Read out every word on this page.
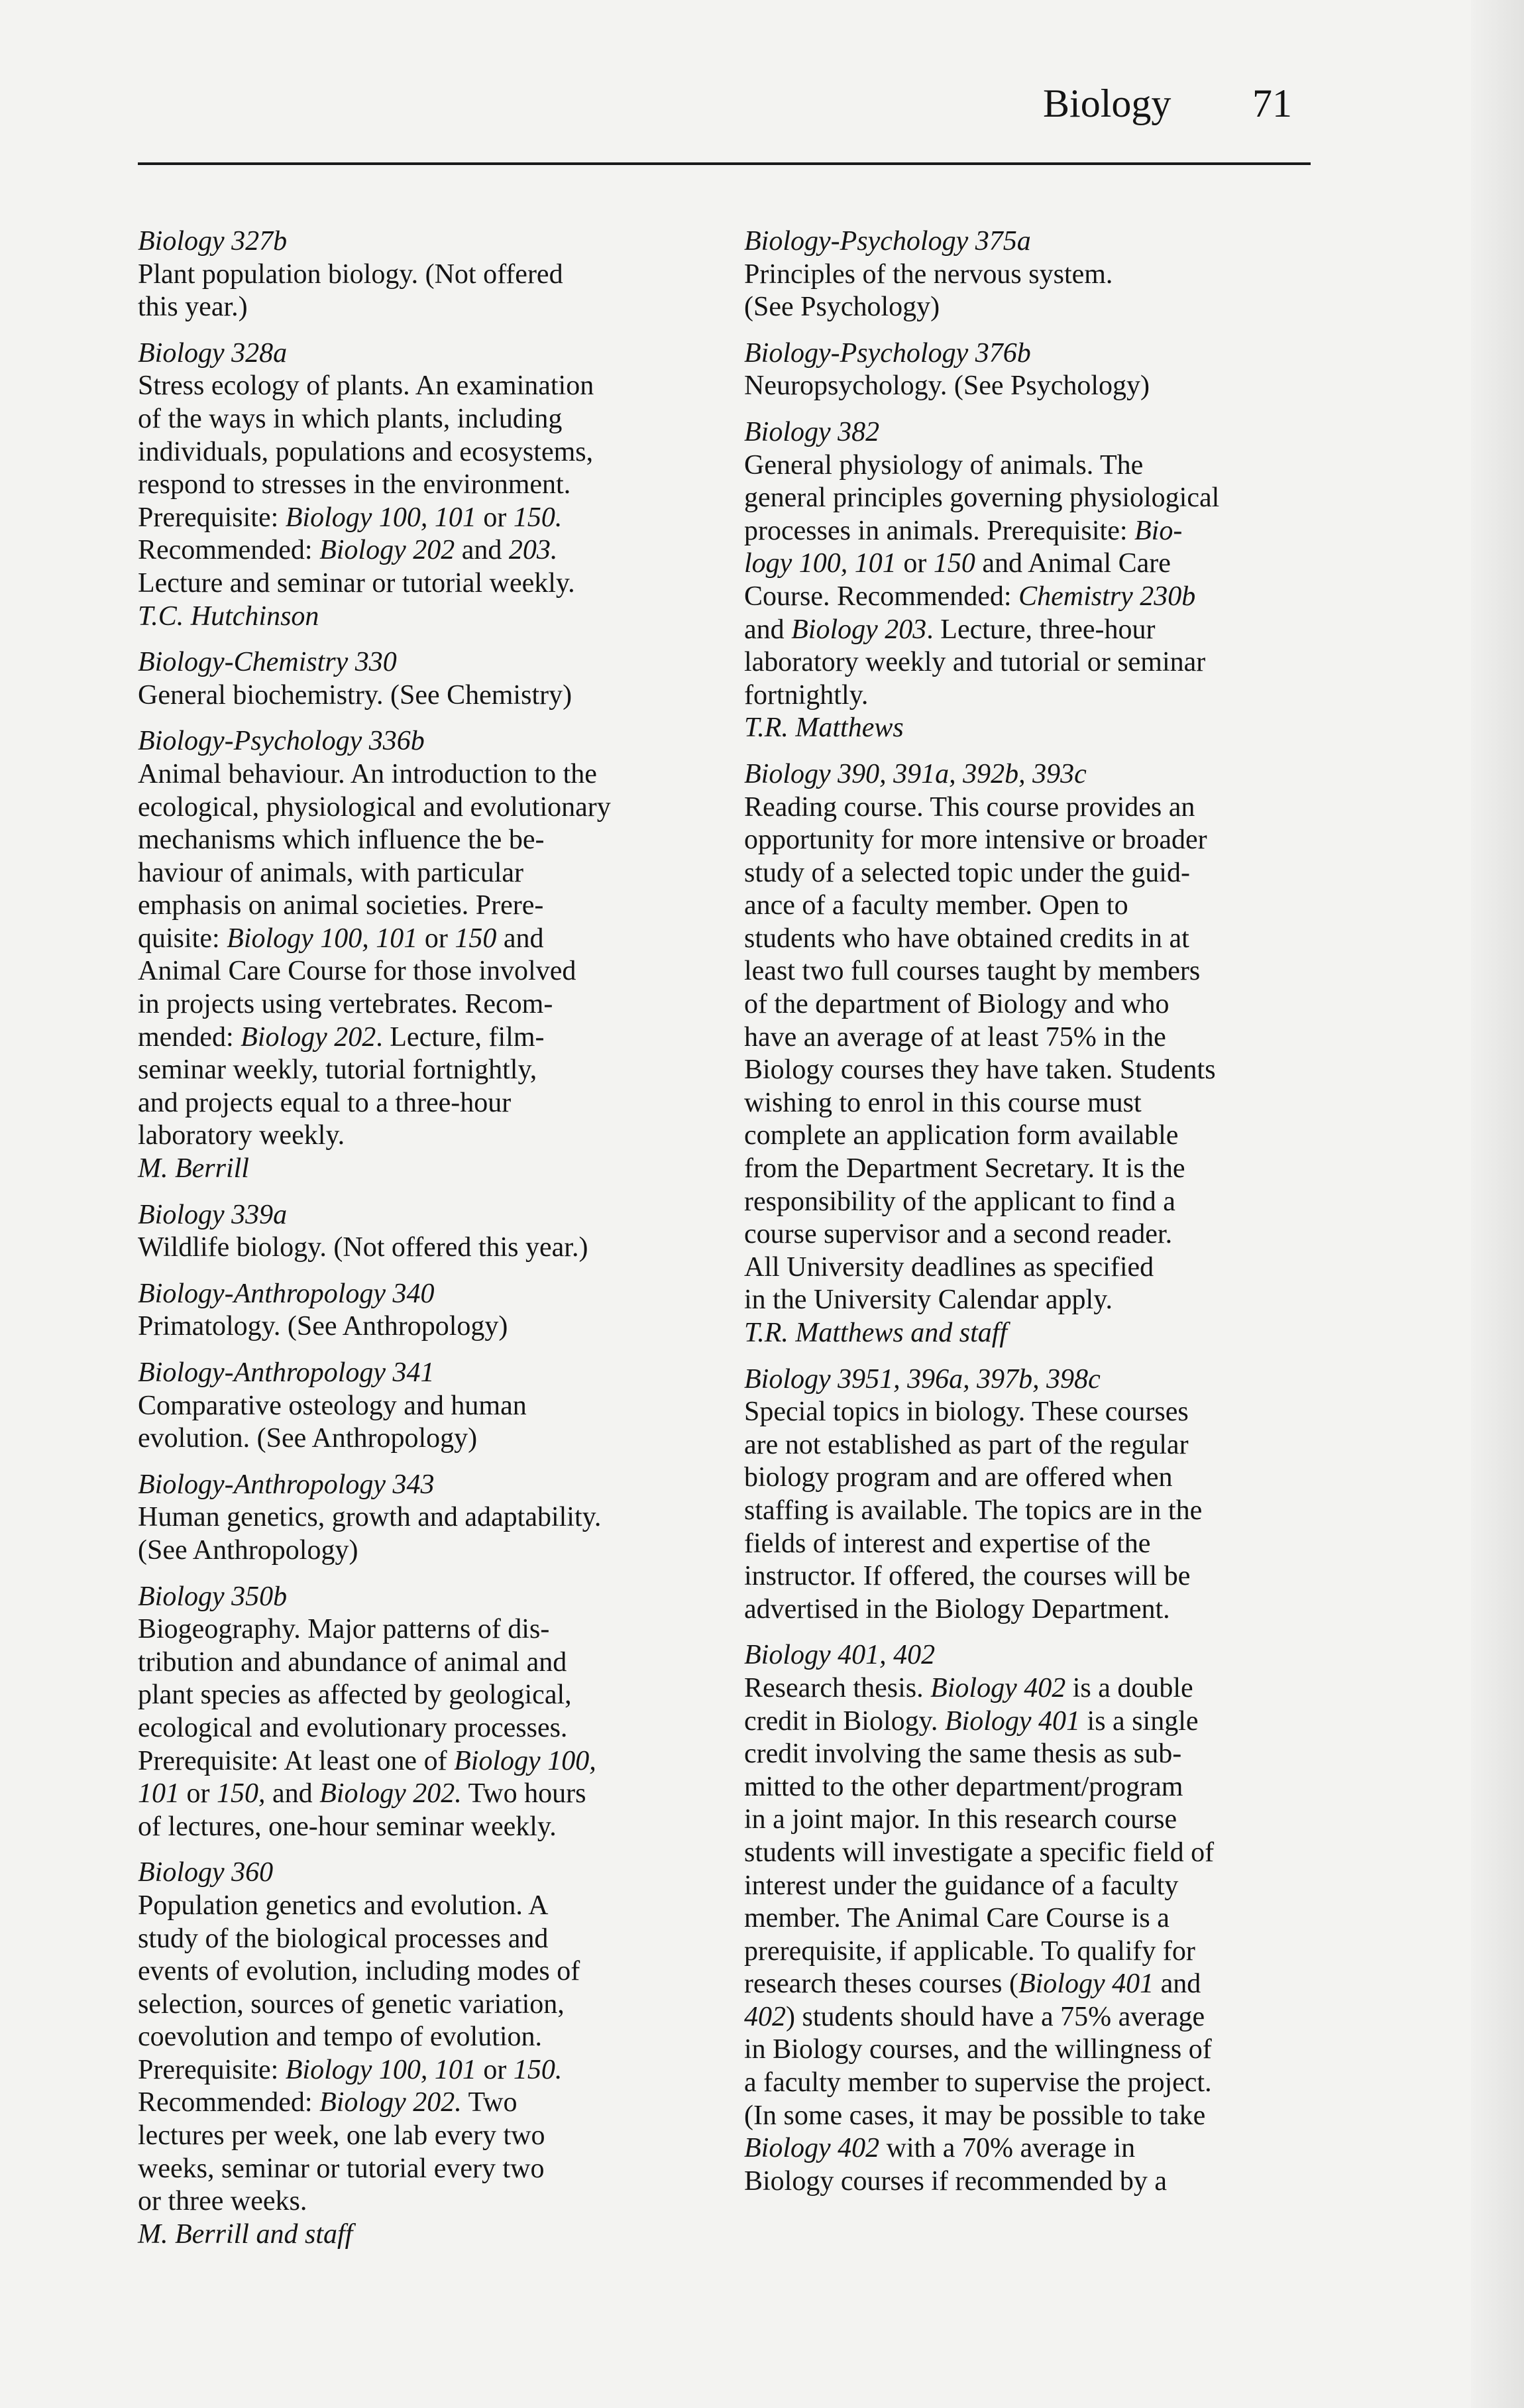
Biology 71
Biology 327b
Plant population biology. (Not offered
this year.)
Biology 328a
Stress ecology of plants. An examination
of the ways in which plants, including
individuals, populations and ecosystems,
respond to stresses in the environment.
Prerequisite: Biology 100, 101 or 150.
Recommended: Biology 202 and 203.
Lecture and seminar or tutorial weekly.
T.C. Hutchinson
Biology-Chemistry 330
General biochemistry. (See Chemistry)
Biology-Psychology 336b
Animal behaviour. An introduction to the
ecological, physiological and evolutionary
mechanisms which influence the be-
haviour of animals, with particular
emphasis on animal societies. Prere-
quisite: Biology 100, 101 or 150 and
Animal Care Course for those involved
in projects using vertebrates. Recom-
mended: Biology 202. Lecture, film-
seminar weekly, tutorial fortnightly,
and projects equal to a three-hour
laboratory weekly.
M. Berrill
Biology 339a
Wildlife biology. (Not offered this year.)
Biology-Anthropology 340
Primatology. (See Anthropology)
Biology-Anthropology 341
Comparative osteology and human
evolution. (See Anthropology)
Biology-Anthropology 343
Human genetics, growth and adaptability.
(See Anthropology)
Biology 350b
Biogeography. Major patterns of dis-
tribution and abundance of animal and
plant species as affected by geological,
ecological and evolutionary processes.
Prerequisite: At least one of Biology 100,
101 or 150, and Biology 202. Two hours
of lectures, one-hour seminar weekly.
Biology 360
Population genetics and evolution. A
study of the biological processes and
events of evolution, including modes of
selection, sources of genetic variation,
coevolution and tempo of evolution.
Prerequisite: Biology 100, 101 or 150.
Recommended: Biology 202. Two
lectures per week, one lab every two
weeks, seminar or tutorial every two
or three weeks.
M. Berrill and staff
Biology-Psychology 375a
Principles of the nervous system.
(See Psychology)
Biology-Psychology 376b
Neuropsychology. (See Psychology)
Biology 382
General physiology of animals. The
general principles governing physiological
processes in animals. Prerequisite: Bio-
logy 100, 101 or 150 and Animal Care
Course. Recommended: Chemistry 230b
and Biology 203. Lecture, three-hour
laboratory weekly and tutorial or seminar
fortnightly.
T.R. Matthews
Biology 390, 391a, 392b, 393c
Reading course. This course provides an
opportunity for more intensive or broader
study of a selected topic under the guid-
ance of a faculty member. Open to
students who have obtained credits in at
least two full courses taught by members
of the department of Biology and who
have an average of at least 75% in the
Biology courses they have taken. Students
wishing to enrol in this course must
complete an application form available
from the Department Secretary. It is the
responsibility of the applicant to find a
course supervisor and a second reader.
All University deadlines as specified
in the University Calendar apply.
T.R. Matthews and staff
Biology 3951, 396a, 397b, 398c
Special topics in biology. These courses
are not established as part of the regular
biology program and are offered when
staffing is available. The topics are in the
fields of interest and expertise of the
instructor. If offered, the courses will be
advertised in the Biology Department.
Biology 401, 402
Research thesis. Biology 402 is a double
credit in Biology. Biology 401 is a single
credit involving the same thesis as sub-
mitted to the other department/program
in a joint major. In this research course
students will investigate a specific field of
interest under the guidance of a faculty
member. The Animal Care Course is a
prerequisite, if applicable. To qualify for
research theses courses (Biology 401 and
402) students should have a 75% average
in Biology courses, and the willingness of
a faculty member to supervise the project.
(In some cases, it may be possible to take
Biology 402 with a 70% average in
Biology courses if recommended by a
